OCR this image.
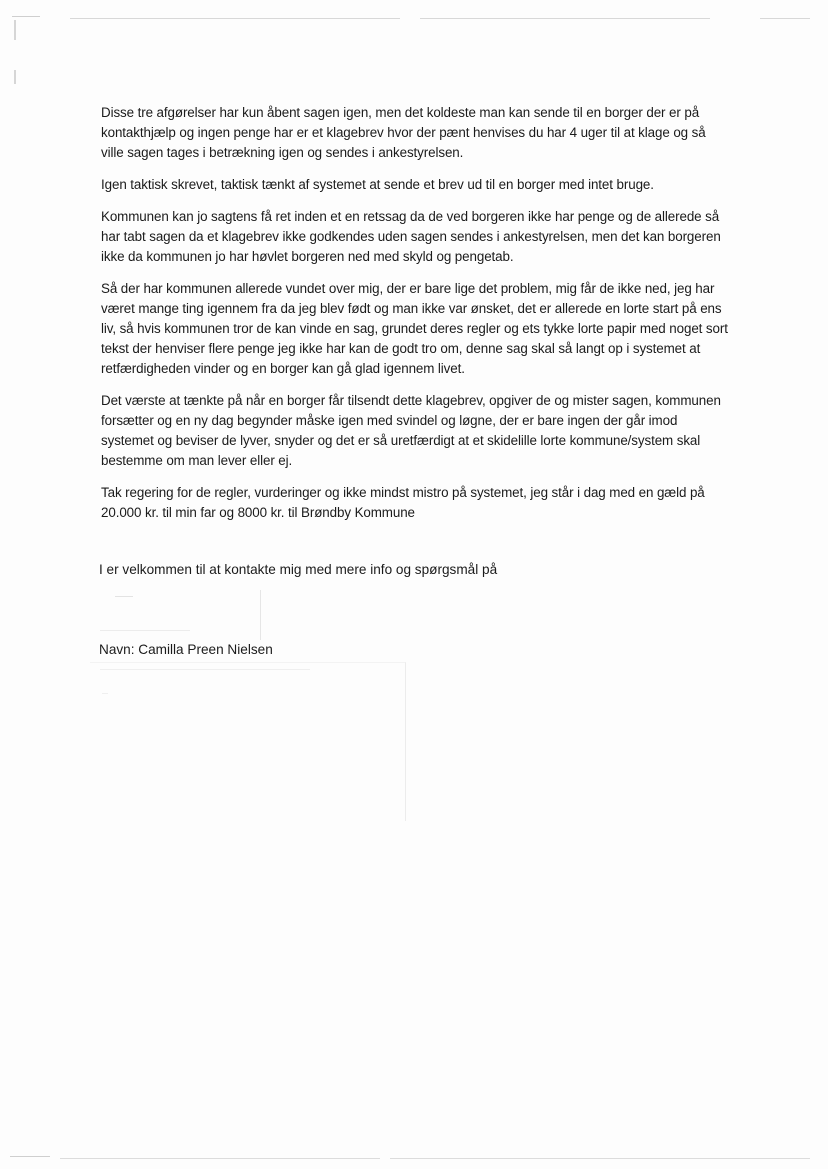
Disse tre afgørelser har kun åbent sagen igen, men det koldeste man kan sende til en borger der er på kontakthjælp og ingen penge har er et klagebrev hvor der pænt henvises du har 4 uger til at klage og så ville sagen tages i betrækning igen og sendes i ankestyrelsen.

Igen taktisk skrevet, taktisk tænkt af systemet at sende et brev ud til en borger med intet bruge.

Kommunen kan jo sagtens få ret inden et en retssag da de ved borgeren ikke har penge og de allerede så har tabt sagen da et klagebrev ikke godkendes uden sagen sendes i ankestyrelsen, men det kan borgeren ikke da kommunen jo har høvlet borgeren ned med skyld og pengetab.

Så der har kommunen allerede vundet over mig, der er bare lige det problem, mig får de ikke ned, jeg har været mange ting igennem fra da jeg blev født og man ikke var ønsket, det er allerede en lorte start på ens liv, så hvis kommunen tror de kan vinde en sag, grundet deres regler og ets tykke lorte papir med noget sort tekst der henviser flere penge jeg ikke har kan de godt tro om, denne sag skal så langt op i systemet at retfærdigheden vinder og en borger kan gå glad igennem livet.

Det værste at tænkte på når en borger får tilsendt dette klagebrev, opgiver de og mister sagen, kommunen forsætter og en ny dag begynder måske igen med svindel og løgne, der er bare ingen der går imod systemet og beviser de lyver, snyder og det er så uretfærdigt at et skidelille lorte kommune/system skal bestemme om man lever eller ej.

Tak regering for de regler, vurderinger og ikke mindst mistro på systemet, jeg står i dag med en gæld på 20.000 kr. til min far og 8000 kr. til Brøndby Kommune

I er velkommen til at kontakte mig med mere info og spørgsmål på
Navn: Camilla Preen Nielsen
